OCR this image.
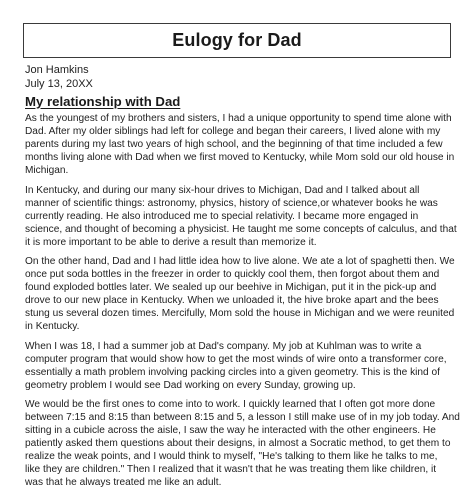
Eulogy for Dad
Jon Hamkins
July 13, 20XX
My relationship with Dad

As the youngest of my brothers and sisters, I had a unique opportunity to spend time alone with
Dad. After my older siblings had left for college and began their careers, I lived alone with my
parents during my last two years of high school, and the beginning of that time included a few
months living alone with Dad when we first moved to Kentucky, while Mom sold our old house in
Michigan.

In Kentucky, and during our many six-hour drives to Michigan, Dad and I talked about all
manner of scientific things: astronomy, physics, history of science,or whatever books he was
currently reading. He also introduced me to special relativity. I became more engaged in
science, and thought of becoming a physicist. He taught me some concepts of calculus, and that
it is more important to be able to derive a result than memorize it.

On the other hand, Dad and I had little idea how to live alone. We ate a lot of spaghetti then. We
once put soda bottles in the freezer in order to quickly cool them, then forgot about them and
found exploded bottles later. We sealed up our beehive in Michigan, put it in the pick-up and
drove to our new place in Kentucky. When we unloaded it, the hive broke apart and the bees
stung us several dozen times. Mercifully, Mom sold the house in Michigan and we were reunited
in Kentucky.

When I was 18, I had a summer job at Dad's company. My job at Kuhlman was to write a
computer program that would show how to get the most winds of wire onto a transformer core,
essentially a math problem involving packing circles into a given geometry. This is the kind of
geometry problem I would see Dad working on every Sunday, growing up.

We would be the first ones to come into to work. I quickly learned that I often got more done
between 7:15 and 8:15 than between 8:15 and 5, a lesson I still make use of in my job today. And
sitting in a cubicle across the aisle, I saw the way he interacted with the other engineers. He
patiently asked them questions about their designs, in almost a Socratic method, to get them to
realize the weak points, and I would think to myself, "He's talking to them like he talks to me,
like they are children." Then I realized that it wasn't that he was treating them like children, it
was that he always treated me like an adult.
